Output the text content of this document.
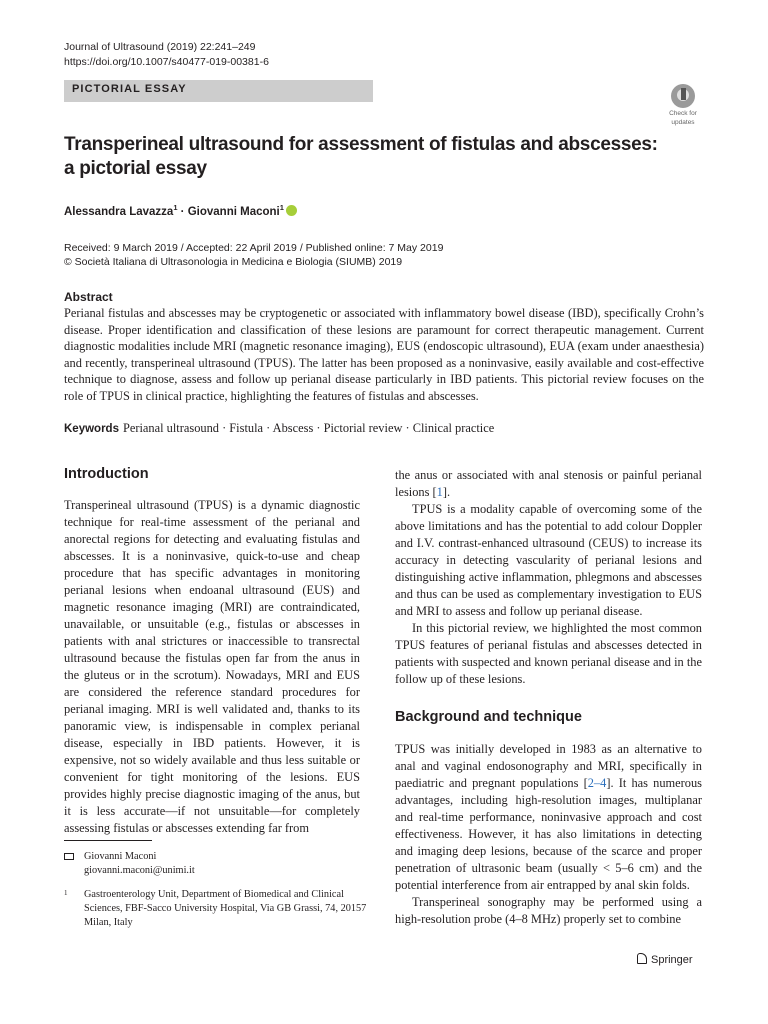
Journal of Ultrasound (2019) 22:241–249
https://doi.org/10.1007/s40477-019-00381-6
PICTORIAL ESSAY
Check for
updates
Transperineal ultrasound for assessment of fistulas and abscesses:
a pictorial essay
Alessandra Lavazza$^1$ · Giovanni Maconi$^1$
Received: 9 March 2019 / Accepted: 22 April 2019 / Published online: 7 May 2019
© Società Italiana di Ultrasonologia in Medicina e Biologia (SIUMB) 2019
Abstract
Perianal fistulas and abscesses may be cryptogenetic or associated with inflammatory bowel disease (IBD), specifically Crohn’s disease. Proper identification and classification of these lesions are paramount for correct therapeutic management. Current diagnostic modalities include MRI (magnetic resonance imaging), EUS (endoscopic ultrasound), EUA (exam under anaesthesia) and recently, transperineal ultrasound (TPUS). The latter has been proposed as a noninvasive, easily available and cost-effective technique to diagnose, assess and follow up perianal disease particularly in IBD patients. This pictorial review focuses on the role of TPUS in clinical practice, highlighting the features of fistulas and abscesses.
Keywords Perianal ultrasound · Fistula · Abscess · Pictorial review · Clinical practice
Introduction

Transperineal ultrasound (TPUS) is a dynamic diagnostic technique for real-time assessment of the perianal and anorectal regions for detecting and evaluating fistulas and abscesses. It is a noninvasive, quick-to-use and cheap procedure that has specific advantages in monitoring perianal lesions when endoanal ultrasound (EUS) and magnetic resonance imaging (MRI) are contraindicated, unavailable, or unsuitable (e.g., fistulas or abscesses in patients with anal strictures or inaccessible to transrectal ultrasound because the fistulas open far from the anus in the gluteus or in the scrotum). Nowadays, MRI and EUS are considered the reference standard procedures for perianal imaging. MRI is well validated and, thanks to its panoramic view, is indispensable in complex perianal disease, especially in IBD patients. However, it is expensive, not so widely available and thus less suitable or convenient for tight monitoring of the lesions. EUS provides highly precise diagnostic imaging of the anus, but it is less accurate—if not unsuitable—for completely assessing fistulas or abscesses extending far from

the anus or associated with anal stenosis or painful perianal lesions [1].

TPUS is a modality capable of overcoming some of the above limitations and has the potential to add colour Doppler and I.V. contrast-enhanced ultrasound (CEUS) to increase its accuracy in detecting vascularity of perianal lesions and distinguishing active inflammation, phlegmons and abscesses and thus can be used as complementary investigation to EUS and MRI to assess and follow up perianal disease.

In this pictorial review, we highlighted the most common TPUS features of perianal fistulas and abscesses detected in patients with suspected and known perianal disease and in the follow up of these lesions.

Background and technique

TPUS was initially developed in 1983 as an alternative to anal and vaginal endosonography and MRI, specifically in paediatric and pregnant populations [2–4]. It has numerous advantages, including high-resolution images, multiplanar and real-time performance, noninvasive approach and cost effectiveness. However, it has also limitations in detecting and imaging deep lesions, because of the scarce and proper penetration of ultrasonic beam (usually < 5–6 cm) and the potential interference from air entrapped by anal skin folds.

Transperineal sonography may be performed using a high-resolution probe (4–8 MHz) properly set to combine

Giovanni Maconi
giovanni.maconi@unimi.it
1 Gastroenterology Unit, Department of Biomedical and Clinical Sciences, FBF-Sacco University Hospital, Via GB Grassi, 74, 20157 Milan, Italy
Springer
